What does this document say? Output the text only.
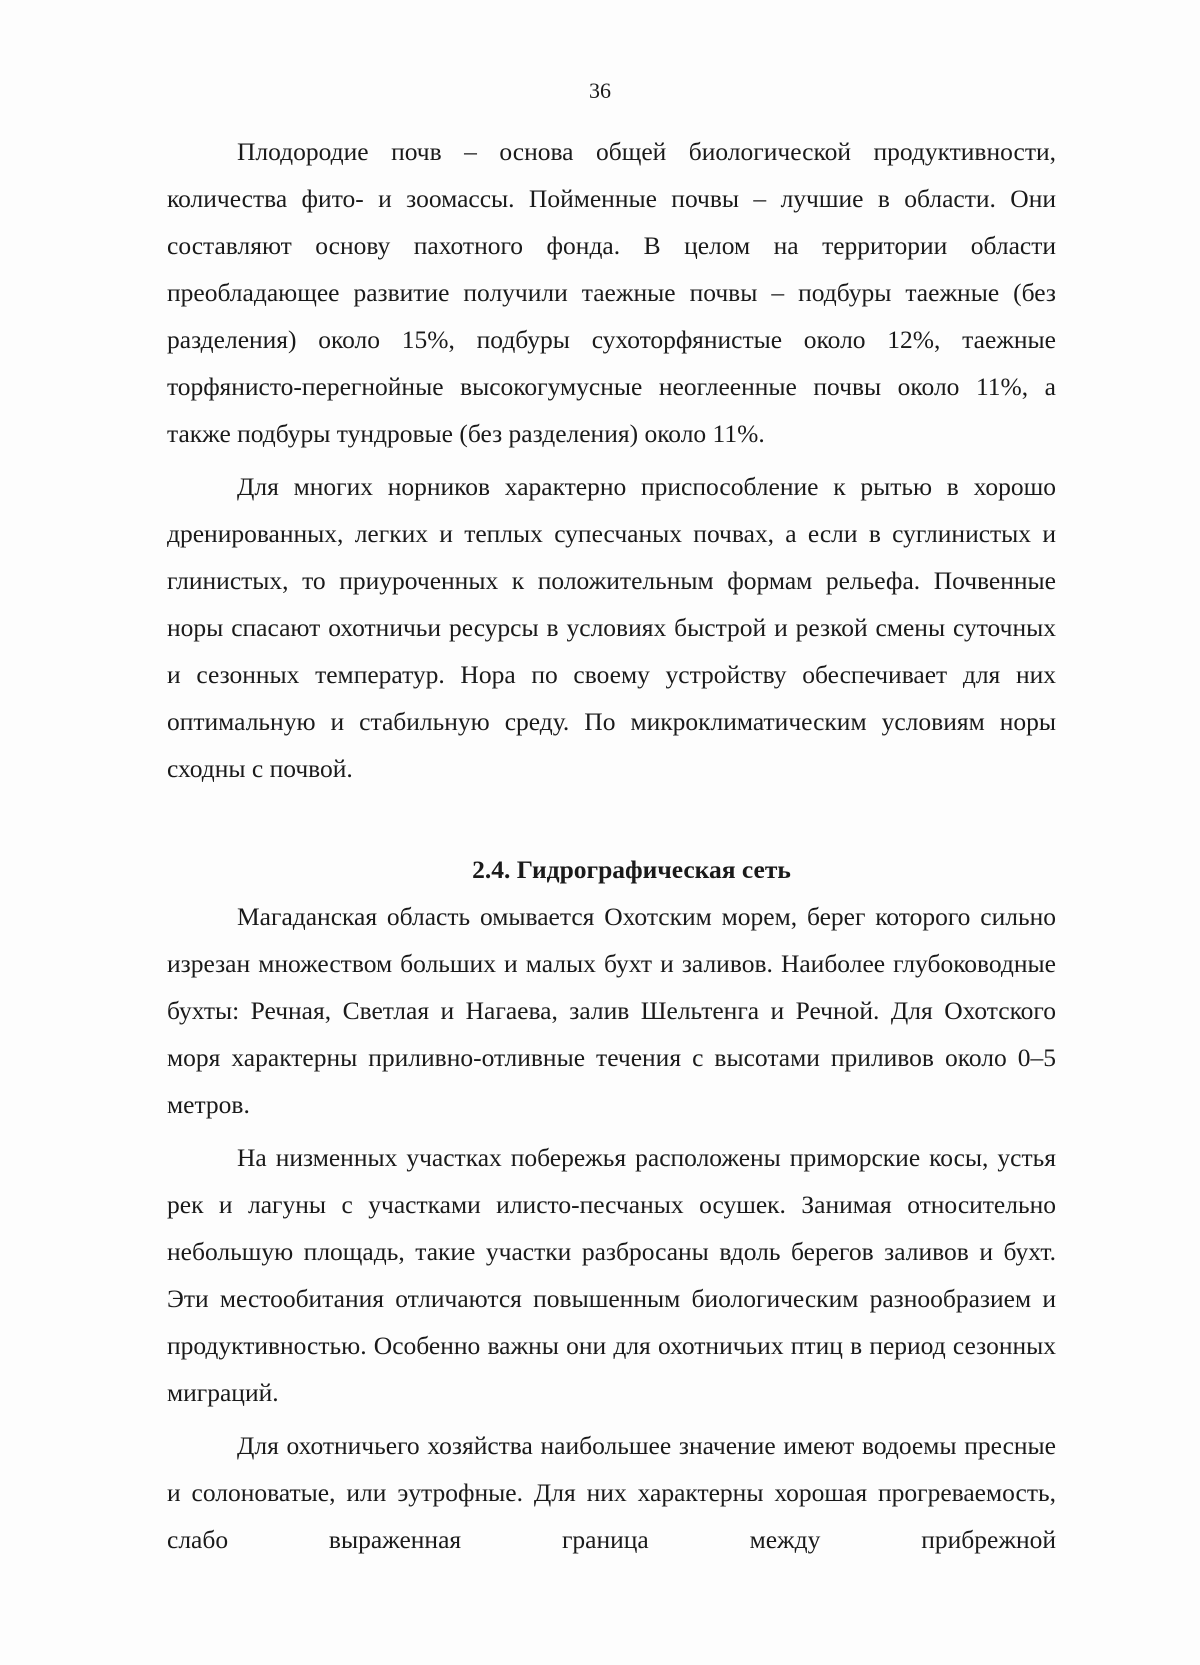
36

Плодородие почв – основа общей биологической продуктивности, количества фито- и зоомассы. Пойменные почвы – лучшие в области. Они составляют основу пахотного фонда. В целом на территории области преобладающее развитие получили таежные почвы – подбуры таежные (без разделения) около 15%, подбуры сухоторфянистые около 12%, таежные торфянисто-перегнойные высокогумусные неоглеенные почвы около 11%, а также подбуры тундровые (без разделения) около 11%.

Для многих норников характерно приспособление к рытью в хорошо дренированных, легких и теплых супесчаных почвах, а если в суглинистых и глинистых, то приуроченных к положительным формам рельефа. Почвенные норы спасают охотничьи ресурсы в условиях быстрой и резкой смены суточных и сезонных температур. Нора по своему устройству обеспечивает для них оптимальную и стабильную среду. По микроклиматическим условиям норы сходны с почвой.

2.4. Гидрографическая сеть

Магаданская область омывается Охотским морем, берег которого сильно изрезан множеством больших и малых бухт и заливов. Наиболее глубоководные бухты: Речная, Светлая и Нагаева, залив Шельтенга и Речной. Для Охотского моря характерны приливно-отливные течения с высотами приливов около 0–5 метров.

На низменных участках побережья расположены приморские косы, устья рек и лагуны с участками илисто-песчаных осушек. Занимая относительно небольшую площадь, такие участки разбросаны вдоль берегов заливов и бухт. Эти местообитания отличаются повышенным биологическим разнообразием и продуктивностью. Особенно важны они для охотничьих птиц в период сезонных миграций.

Для охотничьего хозяйства наибольшее значение имеют водоемы пресные и солоноватые, или эутрофные. Для них характерны хорошая прогреваемость, слабо выраженная граница между прибрежной
